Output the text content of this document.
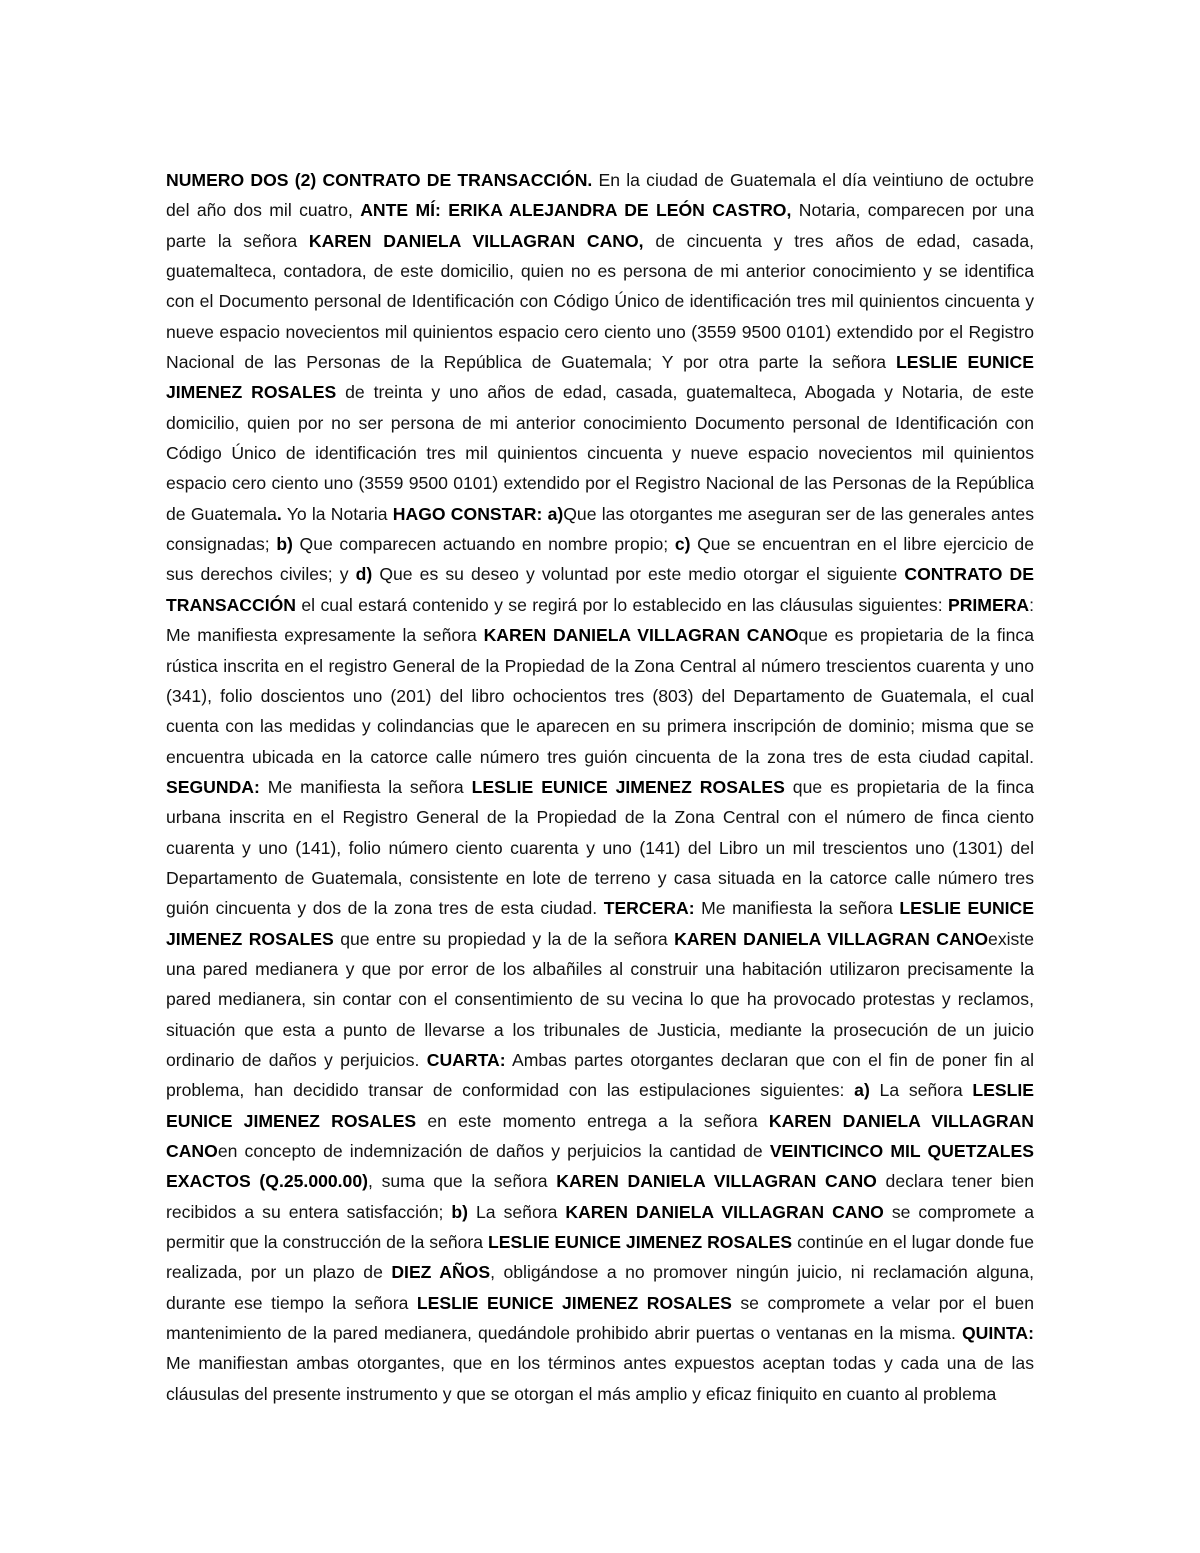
NUMERO DOS (2) CONTRATO DE TRANSACCIÓN. En la ciudad de Guatemala el día veintiuno de octubre del año dos mil cuatro, ANTE MÍ: ERIKA ALEJANDRA DE LEÓN CASTRO, Notaria, comparecen por una parte la señora KAREN DANIELA VILLAGRAN CANO, de cincuenta y tres años de edad, casada, guatemalteca, contadora, de este domicilio, quien no es persona de mi anterior conocimiento y se identifica con el Documento personal de Identificación con Código Único de identificación tres mil quinientos cincuenta y nueve espacio novecientos mil quinientos espacio cero ciento uno (3559 9500 0101) extendido por el Registro Nacional de las Personas de la República de Guatemala; Y por otra parte la señora LESLIE EUNICE JIMENEZ ROSALES de treinta y uno años de edad, casada, guatemalteca, Abogada y Notaria, de este domicilio, quien por no ser persona de mi anterior conocimiento Documento personal de Identificación con Código Único de identificación tres mil quinientos cincuenta y nueve espacio novecientos mil quinientos espacio cero ciento uno (3559 9500 0101) extendido por el Registro Nacional de las Personas de la República de Guatemala. Yo la Notaria HAGO CONSTAR: a)Que las otorgantes me aseguran ser de las generales antes consignadas; b) Que comparecen actuando en nombre propio; c) Que se encuentran en el libre ejercicio de sus derechos civiles; y d) Que es su deseo y voluntad por este medio otorgar el siguiente CONTRATO DE TRANSACCIÓN el cual estará contenido y se regirá por lo establecido en las cláusulas siguientes: PRIMERA: Me manifiesta expresamente la señora KAREN DANIELA VILLAGRAN CANOque es propietaria de la finca rústica inscrita en el registro General de la Propiedad de la Zona Central al número trescientos cuarenta y uno (341), folio doscientos uno (201) del libro ochocientos tres (803) del Departamento de Guatemala, el cual cuenta con las medidas y colindancias que le aparecen en su primera inscripción de dominio; misma que se encuentra ubicada en la catorce calle número tres guión cincuenta de la zona tres de esta ciudad capital. SEGUNDA: Me manifiesta la señora LESLIE EUNICE JIMENEZ ROSALES que es propietaria de la finca urbana inscrita en el Registro General de la Propiedad de la Zona Central con el número de finca ciento cuarenta y uno (141), folio número ciento cuarenta y uno (141) del Libro un mil trescientos uno (1301) del Departamento de Guatemala, consistente en lote de terreno y casa situada en la catorce calle número tres guión cincuenta y dos de la zona tres de esta ciudad. TERCERA: Me manifiesta la señora LESLIE EUNICE JIMENEZ ROSALES que entre su propiedad y la de la señora KAREN DANIELA VILLAGRAN CANOexiste una pared medianera y que por error de los albañiles al construir una habitación utilizaron precisamente la pared medianera, sin contar con el consentimiento de su vecina lo que ha provocado protestas y reclamos, situación que esta a punto de llevarse a los tribunales de Justicia, mediante la prosecución de un juicio ordinario de daños y perjuicios. CUARTA: Ambas partes otorgantes declaran que con el fin de poner fin al problema, han decidido transar de conformidad con las estipulaciones siguientes: a) La señora LESLIE EUNICE JIMENEZ ROSALES en este momento entrega a la señora KAREN DANIELA VILLAGRAN CANOen concepto de indemnización de daños y perjuicios la cantidad de VEINTICINCO MIL QUETZALES EXACTOS (Q.25.000.00), suma que la señora KAREN DANIELA VILLAGRAN CANO declara tener bien recibidos a su entera satisfacción; b) La señora KAREN DANIELA VILLAGRAN CANO se compromete a permitir que la construcción de la señora LESLIE EUNICE JIMENEZ ROSALES continúe en el lugar donde fue realizada, por un plazo de DIEZ AÑOS, obligándose a no promover ningún juicio, ni reclamación alguna, durante ese tiempo la señora LESLIE EUNICE JIMENEZ ROSALES se compromete a velar por el buen mantenimiento de la pared medianera, quedándole prohibido abrir puertas o ventanas en la misma. QUINTA: Me manifiestan ambas otorgantes, que en los términos antes expuestos aceptan todas y cada una de las cláusulas del presente instrumento y que se otorgan el más amplio y eficaz finiquito en cuanto al problema
